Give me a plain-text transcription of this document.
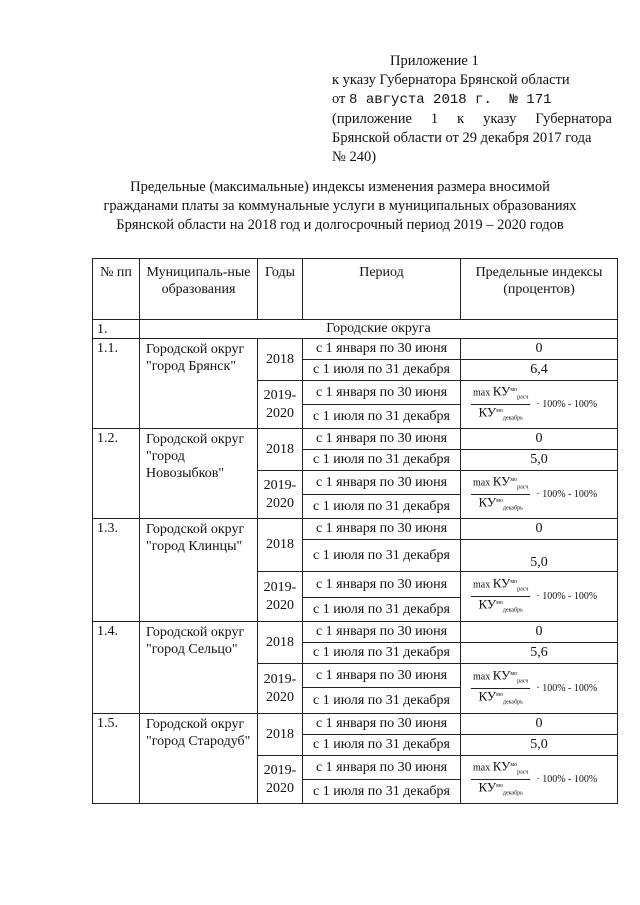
Приложение 1
к указу Губернатора Брянской области
от 8 августа 2018 г. № 171
(приложение 1 к указу Губернатора
Брянской области от 29 декабря 2017 года
№ 240)
Предельные (максимальные) индексы изменения размера вносимой
гражданами платы за коммунальные услуги в муниципальных образованиях
Брянской области на 2018 год и долгосрочный период 2019 – 2020 годов
№ пп	Муниципаль-ные образования	Годы	Период	Предельные индексы (процентов)
1.	Городские округа			
1.1.	Городской округ "город Брянск"	2018	с 1 января по 30 июня	0
			с 1 июля по 31 декабря	6,4
		2019-2020	с 1 января по 30 июня	$\frac{\max КУ^{мо}_{расч}}{КУ^{мо}_{декабрь}} \cdot 100\% - 100\%$

			с 1 июля по 31 декабря	
1.2.	Городской округ "город Новозыбков"	2018	с 1 января по 30 июня	0
			с 1 июля по 31 декабря	5,0
		2019-2020	с 1 января по 30 июня	$\frac{\max КУ^{мо}_{расч}}{КУ^{мо}_{декабрь}} \cdot 100\% - 100\%$

			с 1 июля по 31 декабря	
1.3.	Городской округ "город Клинцы"	2018	с 1 января по 30 июня	0
			с 1 июля по 31 декабря	5,0
		2019-2020	с 1 января по 30 июня	$\frac{\max КУ^{мо}_{расч}}{КУ^{мо}_{декабрь}} \cdot 100\% - 100\%$

			с 1 июля по 31 декабря	
1.4.	Городской округ "город Сельцо"	2018	с 1 января по 30 июня	0
			с 1 июля по 31 декабря	5,6
		2019-2020	с 1 января по 30 июня	$\frac{\max КУ^{мо}_{расч}}{КУ^{мо}_{декабрь}} \cdot 100\% - 100\%$

			с 1 июля по 31 декабря	
1.5.	Городской округ "город Стародуб"	2018	с 1 января по 30 июня	0
			с 1 июля по 31 декабря	5,0
		2019-2020	с 1 января по 30 июня	$\frac{\max КУ^{мо}_{расч}}{КУ^{мо}_{декабрь}} \cdot 100\% - 100\%$

			с 1 июля по 31 декабря	
